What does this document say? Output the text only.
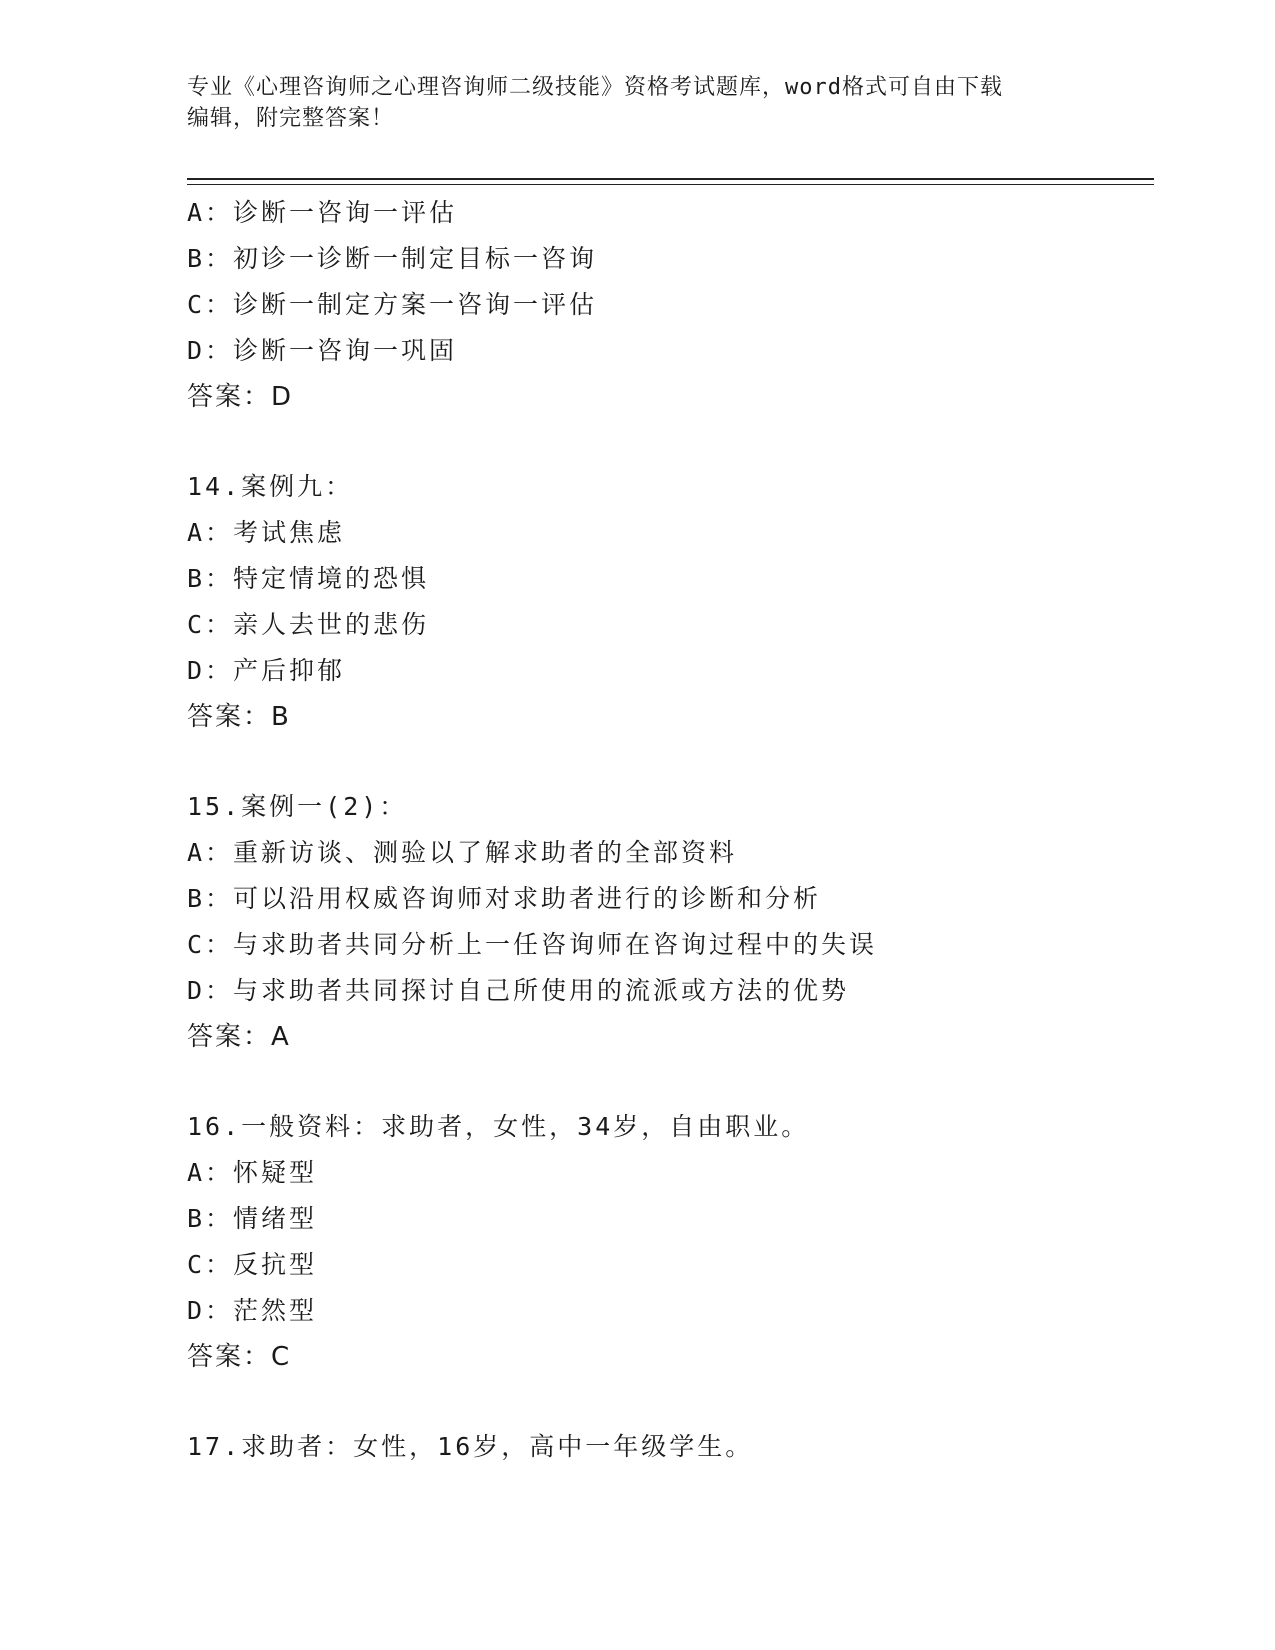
专业《心理咨询师之心理咨询师二级技能》资格考试题库，word格式可自由下载
编辑，附完整答案！
A：诊断一咨询一评估
B：初诊一诊断一制定目标一咨询
C：诊断一制定方案一咨询一评估
D：诊断一咨询一巩固
答案：D
14.案例九：
A：考试焦虑
B：特定情境的恐惧
C：亲人去世的悲伤
D：产后抑郁
答案：B
15.案例一(2)：
A：重新访谈、测验以了解求助者的全部资料
B：可以沿用权威咨询师对求助者进行的诊断和分析
C：与求助者共同分析上一任咨询师在咨询过程中的失误
D：与求助者共同探讨自己所使用的流派或方法的优势
答案：A
16.一般资料：求助者，女性，34岁，自由职业。
A：怀疑型
B：情绪型
C：反抗型
D：茫然型
答案：C
17.求助者：女性，16岁，高中一年级学生。
